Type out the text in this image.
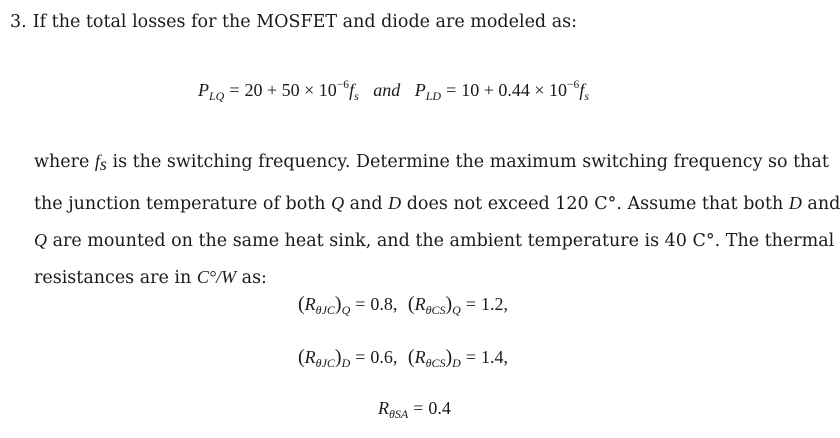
3. If the total losses for the MOSFET and diode are modeled as:
$P_{LQ} = 20 + 50 \times 10^{-6}f_s$ and $P_{LD} = 10 + 0.44 \times 10^{-6}f_s$
where $f_s$ is the switching frequency. Determine the maximum switching frequency so that
the junction temperature of both Q and D does not exceed 120 C°. Assume that both D and
Q are mounted on the same heat sink, and the ambient temperature is 40 C°. The thermal
resistances are in C°/W as:
$(R_{\theta JC})_Q = 0.8$, $(R_{\theta CS})_Q = 1.2$,
$(R_{\theta JC})_D = 0.6$, $(R_{\theta CS})_D = 1.4$,
$R_{\theta SA} = 0.4$
